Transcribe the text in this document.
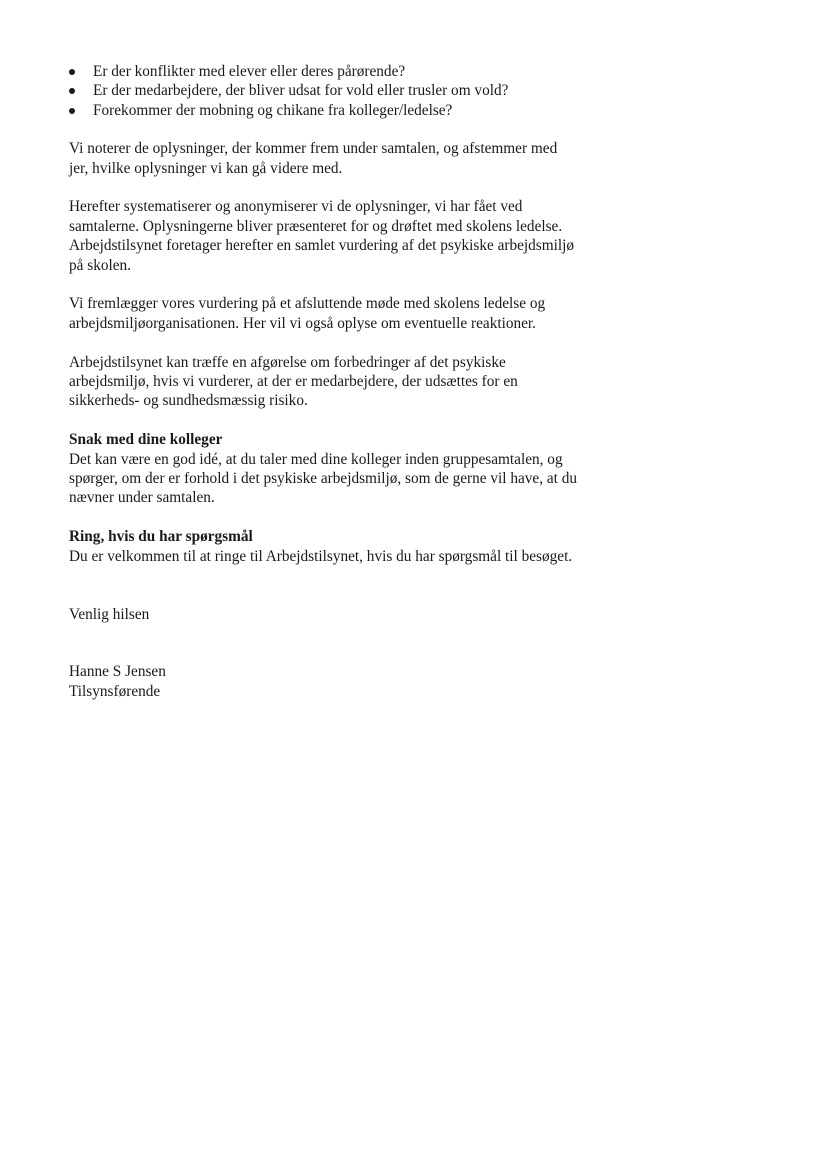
Er der konflikter med elever eller deres pårørende?
Er der medarbejdere, der bliver udsat for vold eller trusler om vold?
Forekommer der mobning og chikane fra kolleger/ledelse?

Vi noterer de oplysninger, der kommer frem under samtalen, og afstemmer med
jer, hvilke oplysninger vi kan gå videre med.

Herefter systematiserer og anonymiserer vi de oplysninger, vi har fået ved
samtalerne. Oplysningerne bliver præsenteret for og drøftet med skolens ledelse.
Arbejdstilsynet foretager herefter en samlet vurdering af det psykiske arbejdsmiljø
på skolen.

Vi fremlægger vores vurdering på et afsluttende møde med skolens ledelse og
arbejdsmiljøorganisationen. Her vil vi også oplyse om eventuelle reaktioner.

Arbejdstilsynet kan træffe en afgørelse om forbedringer af det psykiske
arbejdsmiljø, hvis vi vurderer, at der er medarbejdere, der udsættes for en
sikkerheds- og sundhedsmæssig risiko.

Snak med dine kolleger
Det kan være en god idé, at du taler med dine kolleger inden gruppesamtalen, og
spørger, om der er forhold i det psykiske arbejdsmiljø, som de gerne vil have, at du
nævner under samtalen.
Ring, hvis du har spørgsmål
Du er velkommen til at ringe til Arbejdstilsynet, hvis du har spørgsmål til besøget.
Venlig hilsen
Hanne S Jensen
Tilsynsførende
